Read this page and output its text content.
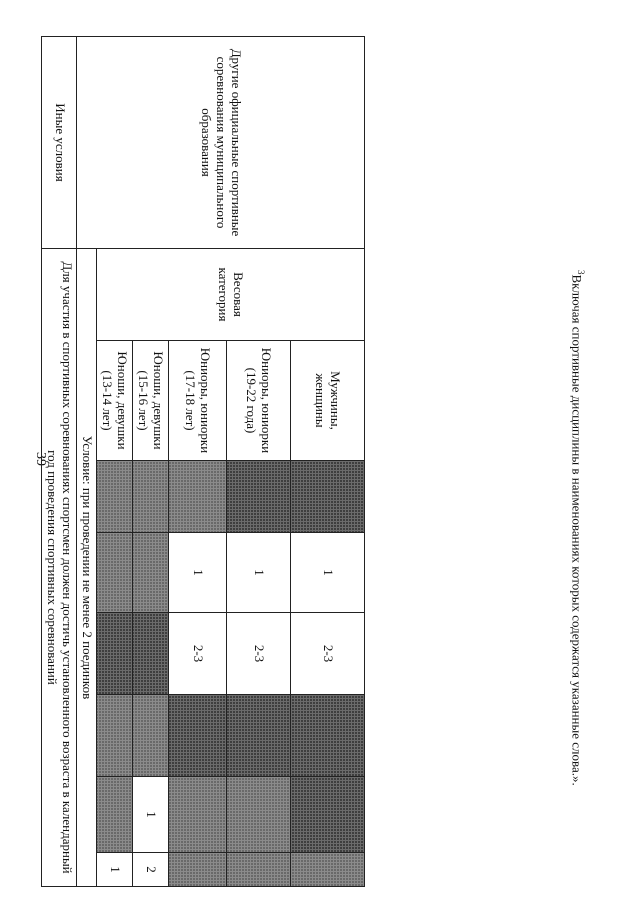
39
Другие официальные спортивные соревнования муниципального образования	Весовая категория	Мужчины, женщины		1	2-3			
		Юниоры, юниорки (19-22 года)		1	2-3			
		Юниоры, юниорки (17-18 лет)		1	2-3			
		Юноши, девушки (15-16 лет)					1	2
		Юноши, девушки (13-14 лет)						1
	Условие: при проведении не менее 2 поединков							
Иные условия	Для участия в спортивных соревнованиях спортсмен должен достичь установленного возраста в календарный год проведения спортивных соревнований							
$^3$Включая спортивные дисциплины в наименованиях которых содержатся указанные слова.».
